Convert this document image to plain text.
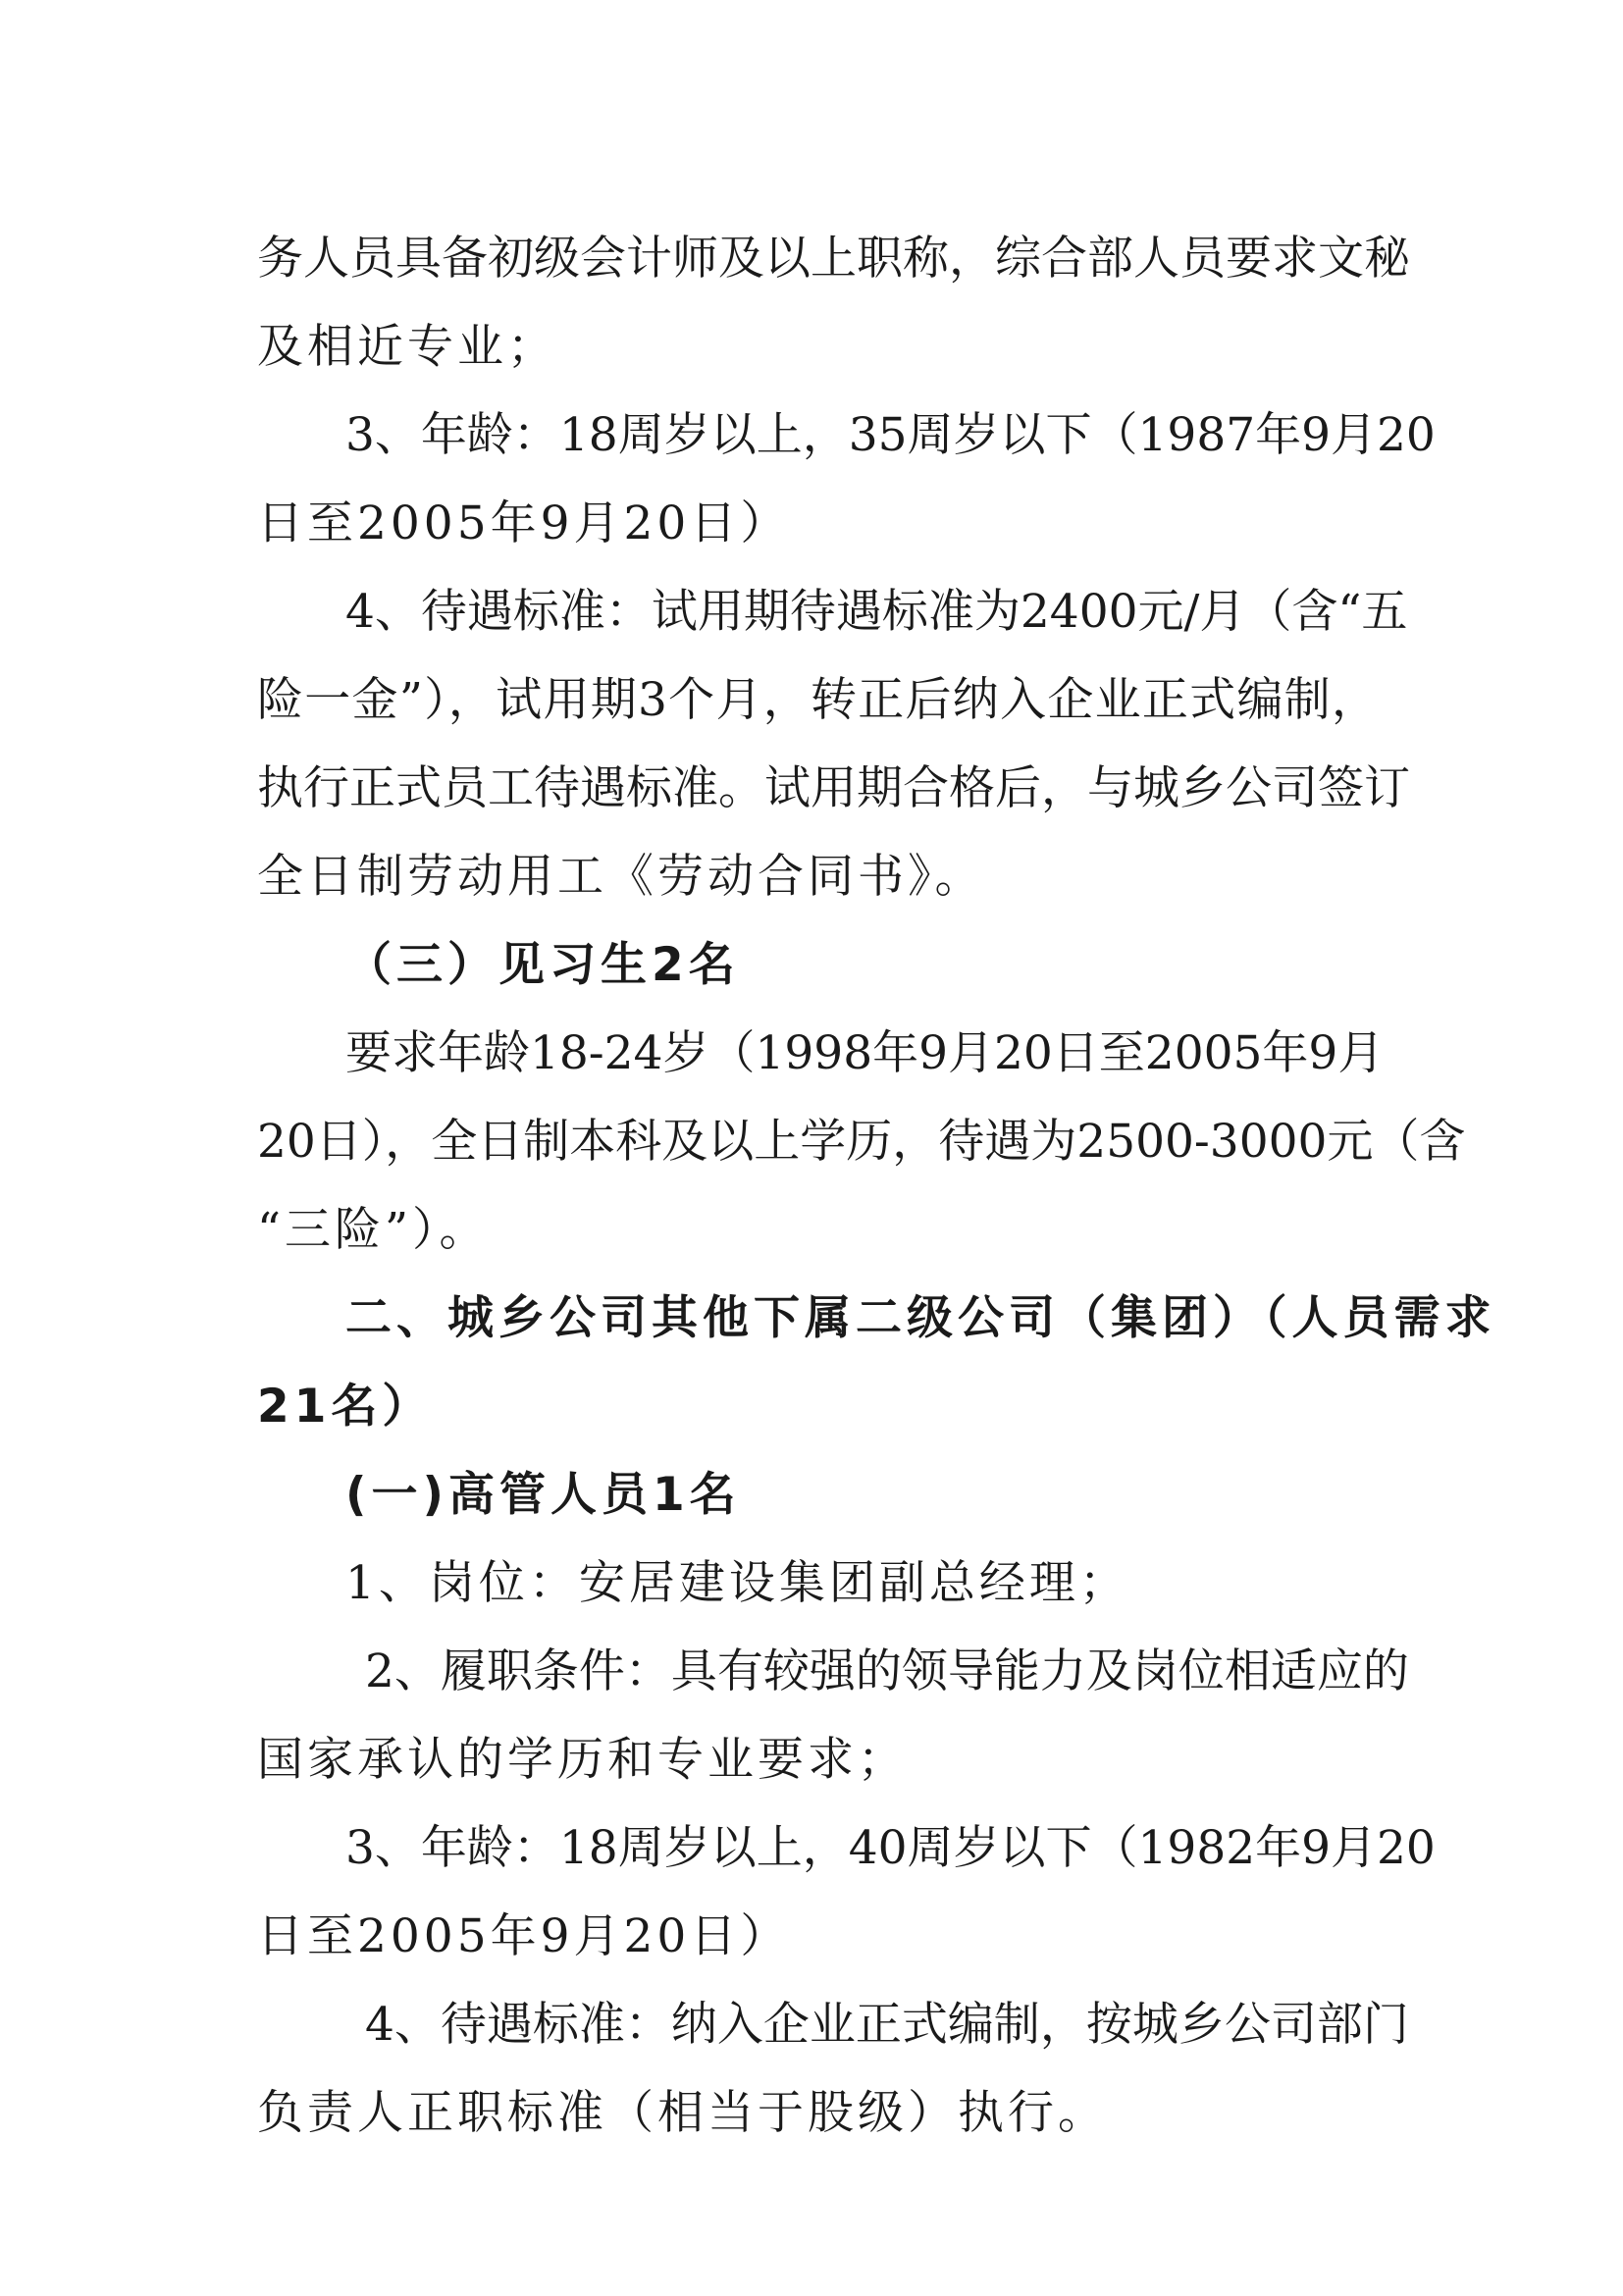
务人员具备初级会计师及以上职称，综合部人员要求文秘
及相近专业；
3、年龄：18周岁以上，35周岁以下（1987年9月20
日至2005年9月20日）
4、待遇标准：试用期待遇标准为2400元/月（含“五
险一金”），试用期3个月，转正后纳入企业正式编制，
执行正式员工待遇标准。试用期合格后，与城乡公司签订
全日制劳动用工《劳动合同书》。
（三）见习生2名
要求年龄18-24岁（1998年9月20日至2005年9月
20日），全日制本科及以上学历，待遇为2500-3000元（含
“三险”）。
二、城乡公司其他下属二级公司（集团）（人员需求
21名）
(一)高管人员1名
1、岗位：安居建设集团副总经理；
2、履职条件：具有较强的领导能力及岗位相适应的
国家承认的学历和专业要求；
3、年龄：18周岁以上，40周岁以下（1982年9月20
日至2005年9月20日）
4、待遇标准：纳入企业正式编制，按城乡公司部门
负责人正职标准（相当于股级）执行。
